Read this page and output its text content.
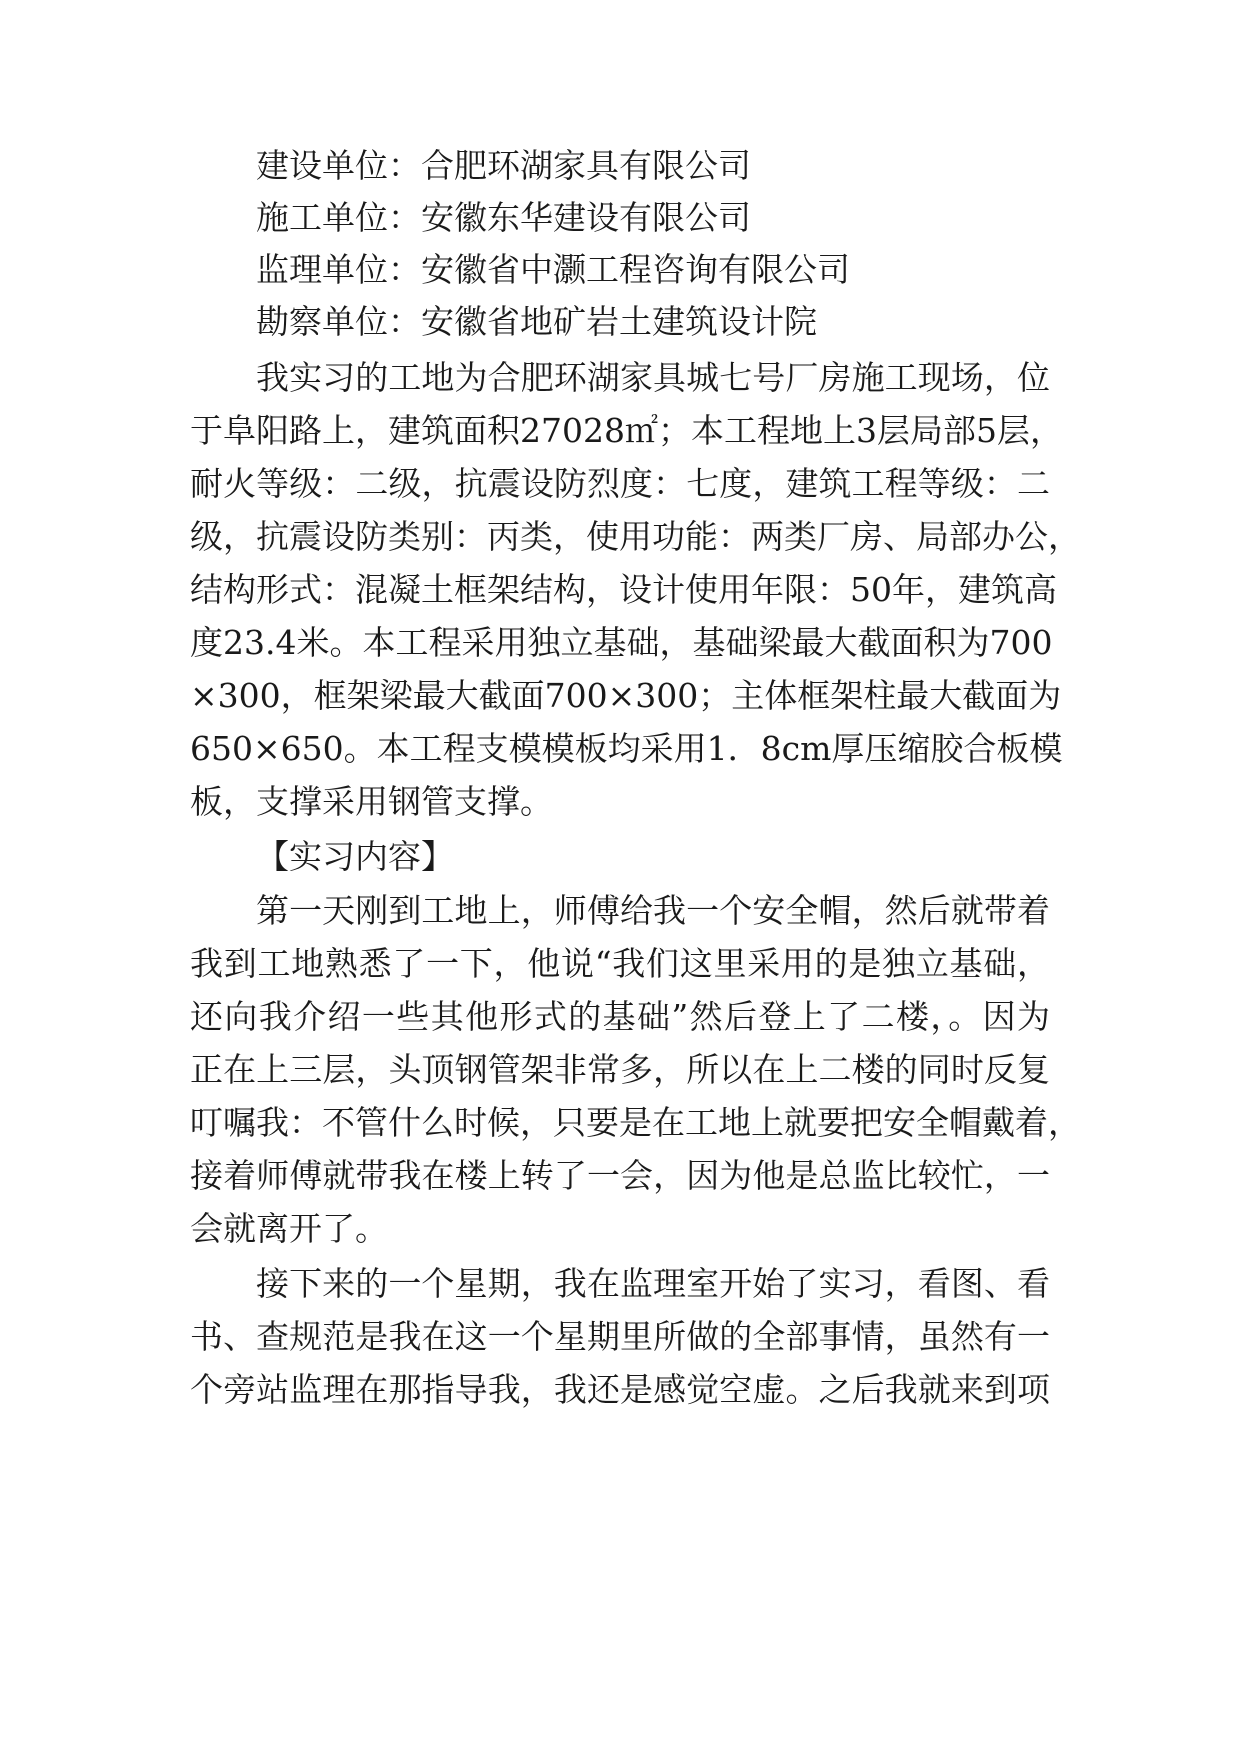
建设单位：合肥环湖家具有限公司
施工单位：安徽东华建设有限公司
监理单位：安徽省中灏工程咨询有限公司
勘察单位：安徽省地矿岩土建筑设计院
我实习的工地为合肥环湖家具城七号厂房施工现场，位
于阜阳路上，建筑面积27028㎡；本工程地上3层局部5层，
耐火等级：二级，抗震设防烈度：七度，建筑工程等级：二
级，抗震设防类别：丙类，使用功能：两类厂房、局部办公，
结构形式：混凝土框架结构，设计使用年限：50年，建筑高
度23.4米。本工程采用独立基础，基础梁最大截面积为700
×300，框架梁最大截面700×300；主体框架柱最大截面为
650×650。本工程支模模板均采用1．8cm厚压缩胶合板模
板，支撑采用钢管支撑。
【实习内容】
第一天刚到工地上，师傅给我一个安全帽，然后就带着
我到工地熟悉了一下，他说“我们这里采用的是独立基础，
还向我介绍一些其他形式的基础”然后登上了二楼，。因为
正在上三层，头顶钢管架非常多，所以在上二楼的同时反复
叮嘱我：不管什么时候，只要是在工地上就要把安全帽戴着，
接着师傅就带我在楼上转了一会，因为他是总监比较忙，一
会就离开了。
接下来的一个星期，我在监理室开始了实习，看图、看
书、查规范是我在这一个星期里所做的全部事情，虽然有一
个旁站监理在那指导我，我还是感觉空虚。之后我就来到项
